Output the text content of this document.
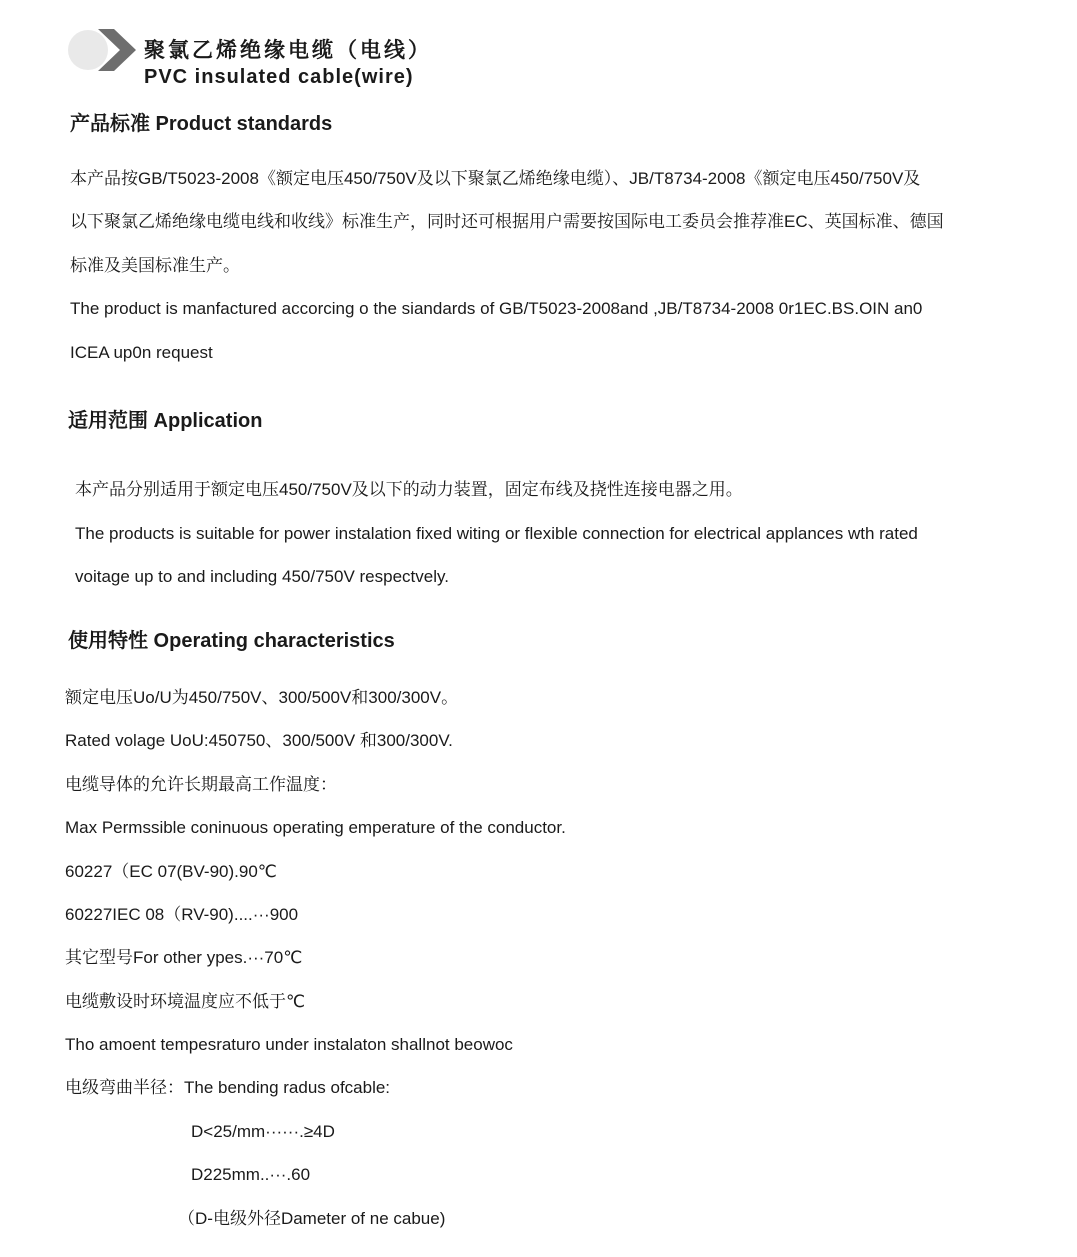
聚氯乙烯绝缘电缆（电线）
PVC insulated cable(wire)
产品标准 Product standards
本产品按GB/T5023-2008《额定电压450/750V及以下聚氯乙烯绝缘电缆）、JB/T8734-2008《额定电压450/750V及
以下聚氯乙烯绝缘电缆电线和收线》标准生产，同时还可根据用户需要按国际电工委员会推荐准EC、英国标准、德国
标准及美国标准生产。
The product is manfactured accorcing o the siandards of GB/T5023-2008and ,JB/T8734-2008 0r1EC.BS.OIN an0
ICEA up0n request
适用范围 Application
本产品分别适用于额定电压450/750V及以下的动力装置，固定布线及挠性连接电器之用。
The products is suitable for power instalation fixed witing or flexible connection for electrical applances wth rated
voitage up to and including 450/750V respectvely.
使用特性 Operating characteristics
额定电压Uo/U为450/750V、300/500V和300/300V。
Rated volage UoU:450750、300/500V 和300/300V.
电缆导体的允许长期最高工作温度：
Max Permssible coninuous operating emperature of the conductor.
60227（EC 07(BV-90).90℃
60227IEC 08（RV-90)....···900
其它型号For other ypes.···70℃
电缆敷设时环境温度应不低于℃
Tho amoent tempesraturo under instalaton shallnot beowoc
电级弯曲半径：The bending radus ofcable:
D<25/mm······.≥4D
D225mm..···.60
（D-电级外径Dameter of ne cabue)
